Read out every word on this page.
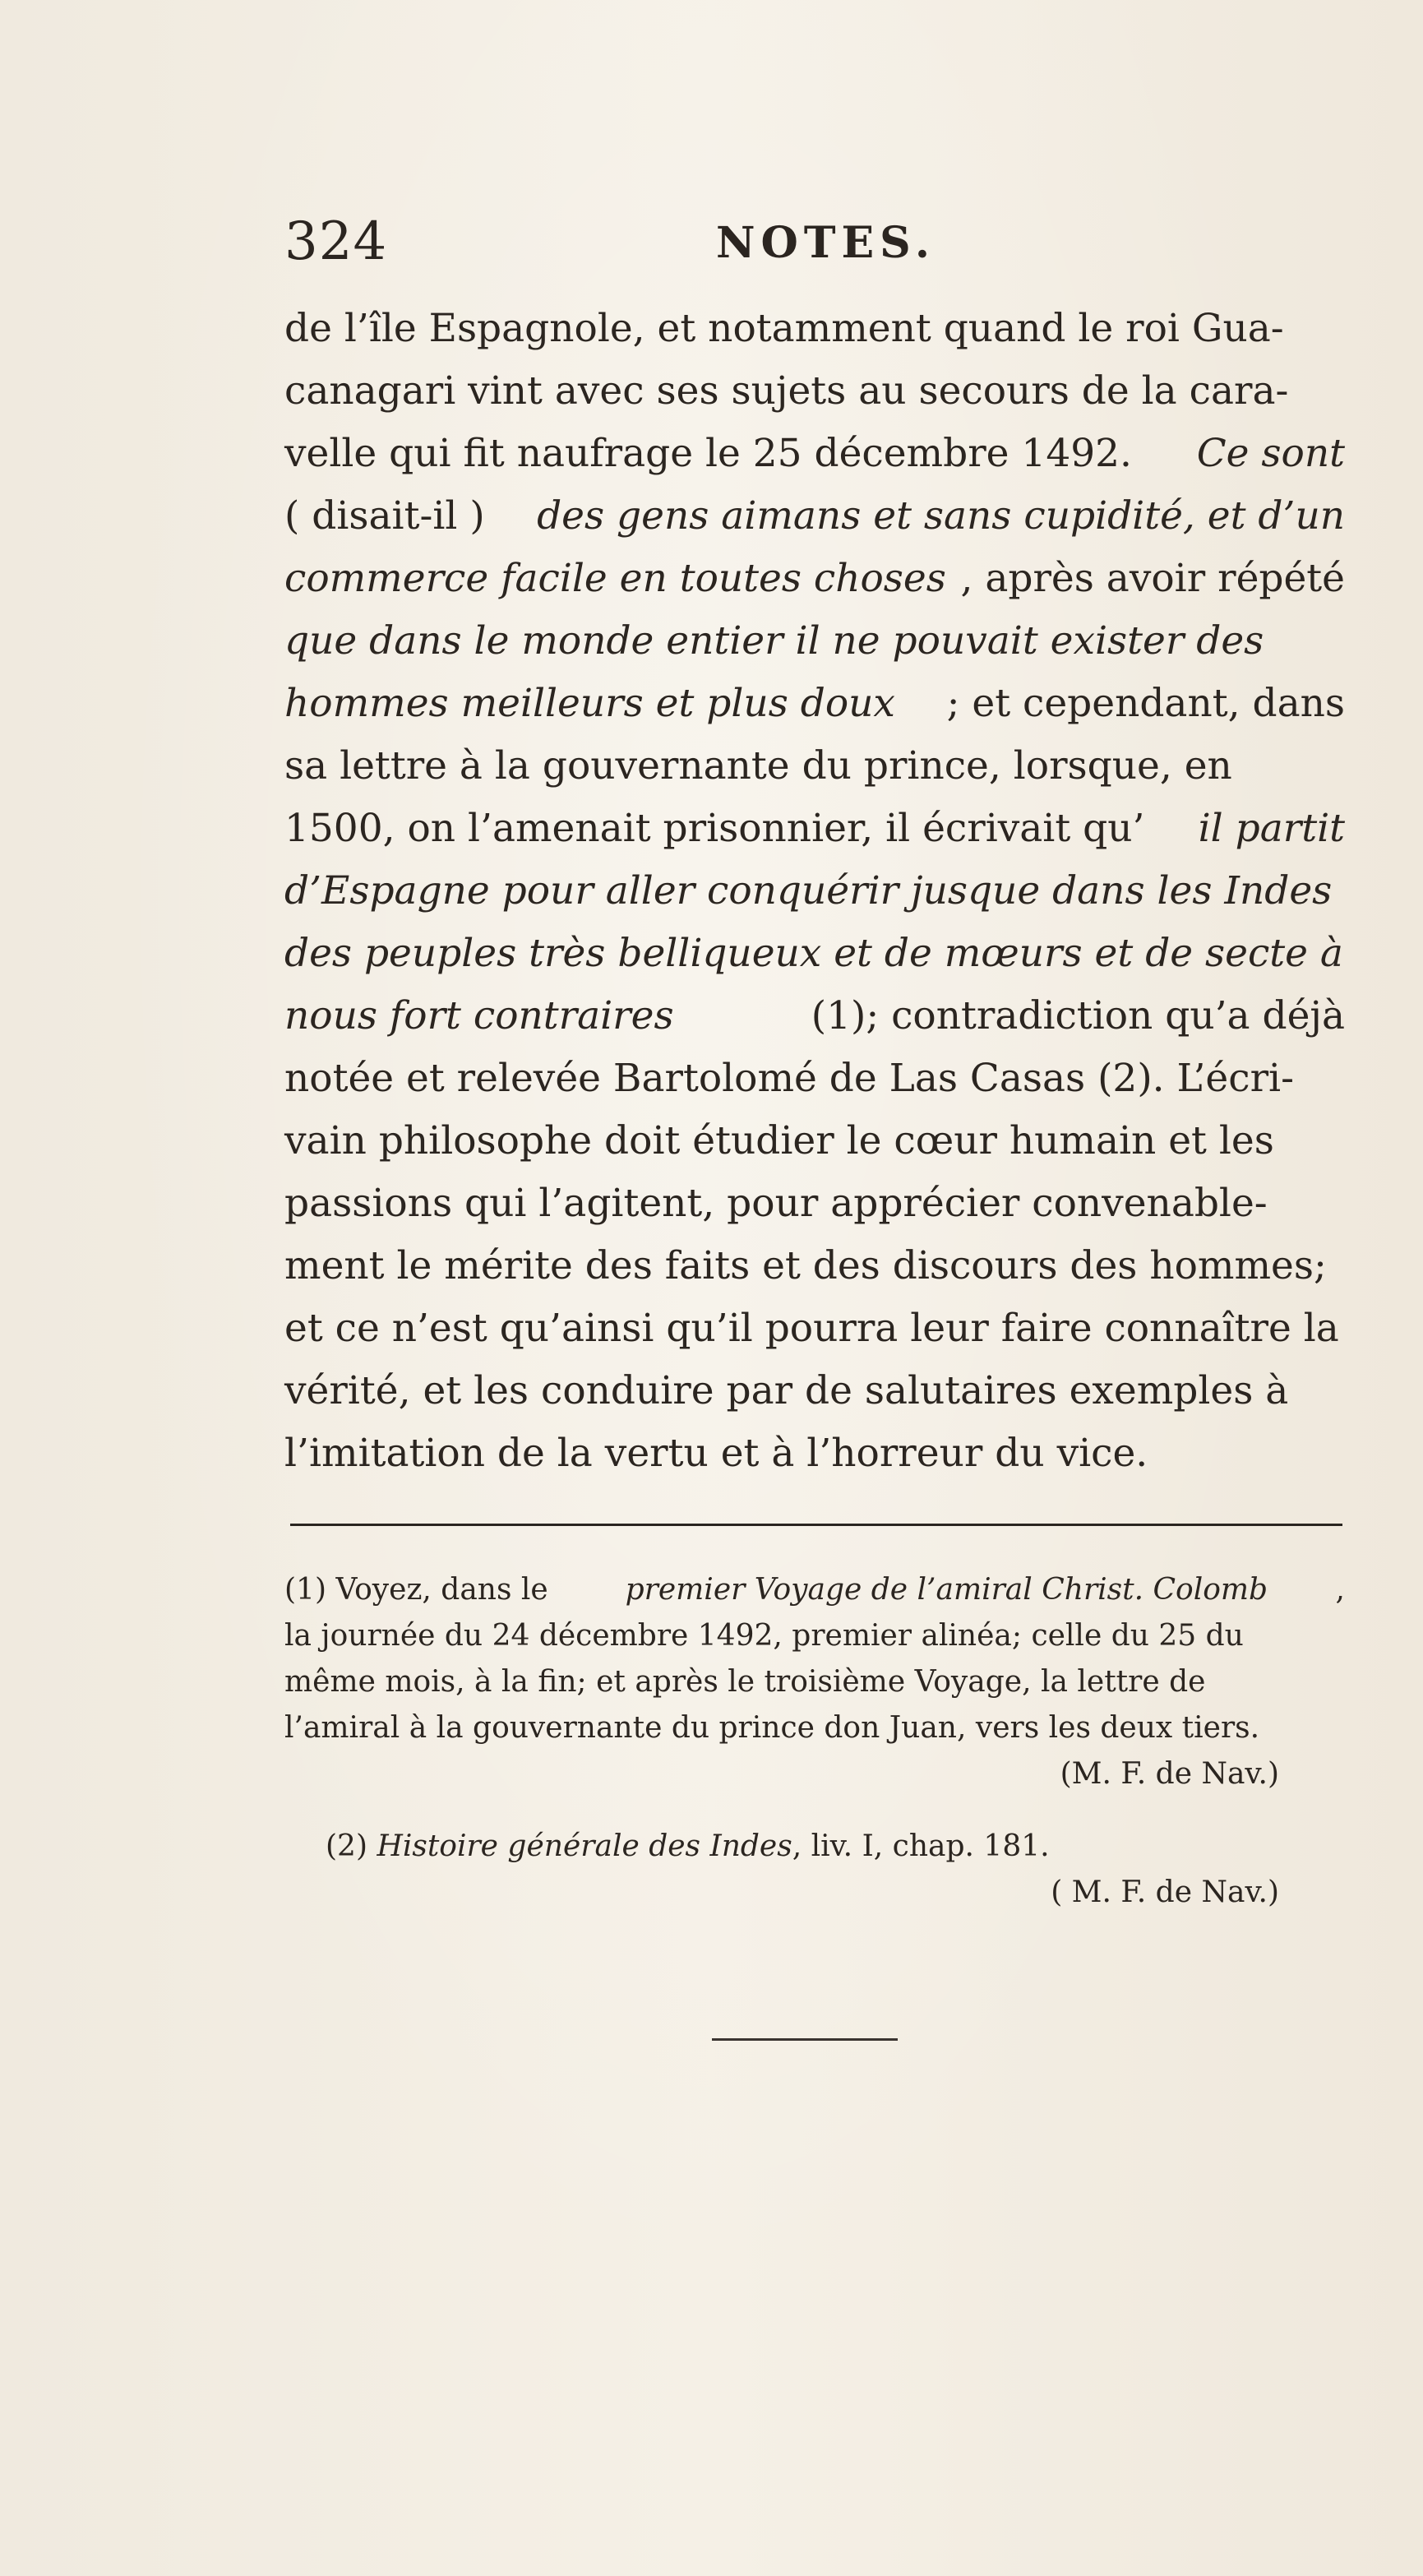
324	NOTES.
de l’île Espagnole, et notamment quand le roi Gua-
canagari vint avec ses sujets au secours de la cara-
velle qui fit naufrage le 25 décembre 1492. Ce sont
( disait-il ) des gens aimans et sans cupidité, et d’un
commerce facile en toutes choses , après avoir répété
que dans le monde entier il ne pouvait exister des
hommes meilleurs et plus doux ; et cependant, dans
sa lettre à la gouvernante du prince, lorsque, en
1500, on l’amenait prisonnier, il écrivait qu’ il partit
d’Espagne pour aller conquérir jusque dans les Indes
des peuples très belliqueux et de mœurs et de secte à
nous fort contraires	(1); contradiction qu’a déjà
notée et relevée Bartolomé de Las Casas (2). L’écri-
vain philosophe doit étudier le cœur humain et les
passions qui l’agitent, pour apprécier convenable-
ment le mérite des faits et des discours des hommes;
et ce n’est qu’ainsi qu’il pourra leur faire connaître la
vérité, et les conduire par de salutaires exemples à
l’imitation de la vertu et à l’horreur du vice.
(1) Voyez, dans le premier Voyage de l’amiral Christ. Colomb ,
la journée du 24 décembre 1492, premier alinéa; celle du 25 du
même mois, à la fin; et après le troisième Voyage, la lettre de
l’amiral à la gouvernante du prince don Juan, vers les deux tiers.
(M. F. de Nav.)
(2) Histoire générale des Indes , liv. I, chap. 181.
( M. F. de Nav.)
